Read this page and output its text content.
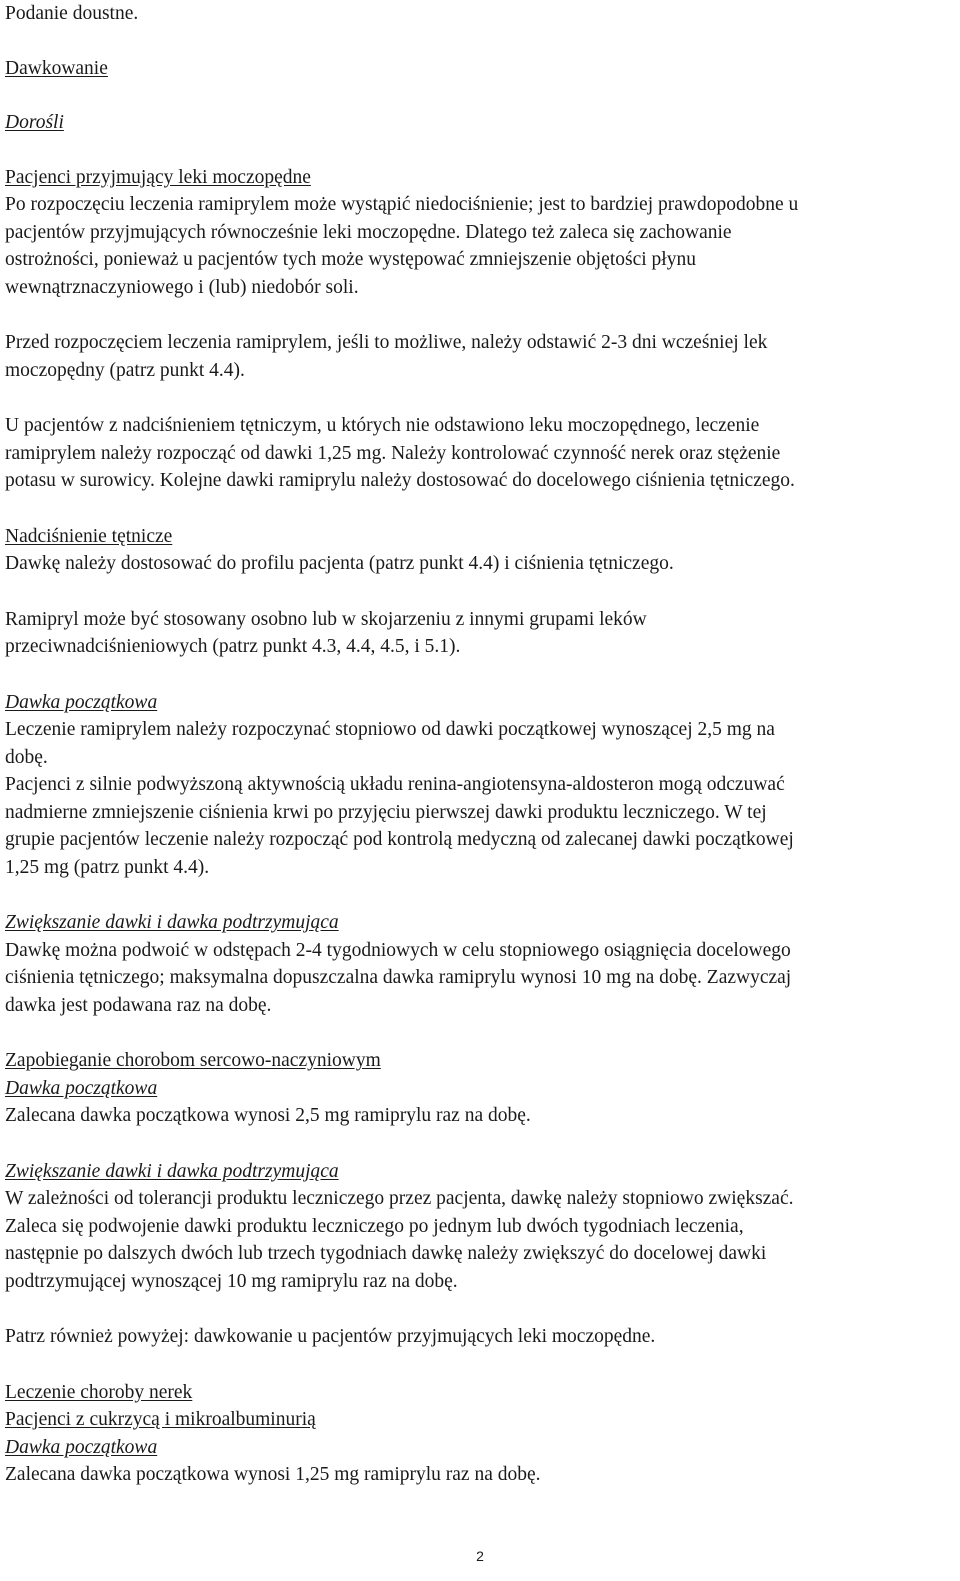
Podanie doustne.

Dawkowanie

Dorośli

Pacjenci przyjmujący leki moczopędne

Po rozpoczęciu leczenia ramiprylem może wystąpić niedociśnienie; jest to bardziej prawdopodobne u

pacjentów przyjmujących równocześnie leki moczopędne. Dlatego też zaleca się zachowanie

ostrożności, ponieważ u pacjentów tych może występować zmniejszenie objętości płynu

wewnątrznaczyniowego i (lub) niedobór soli.

Przed rozpoczęciem leczenia ramiprylem, jeśli to możliwe, należy odstawić 2-3 dni wcześniej lek

moczopędny (patrz punkt 4.4).

U pacjentów z nadciśnieniem tętniczym, u których nie odstawiono leku moczopędnego, leczenie

ramiprylem należy rozpocząć od dawki 1,25 mg. Należy kontrolować czynność nerek oraz stężenie

potasu w surowicy. Kolejne dawki ramiprylu należy dostosować do docelowego ciśnienia tętniczego.

Nadciśnienie tętnicze

Dawkę należy dostosować do profilu pacjenta (patrz punkt 4.4) i ciśnienia tętniczego.

Ramipryl może być stosowany osobno lub w skojarzeniu z innymi grupami leków

przeciwnadciśnieniowych (patrz punkt 4.3, 4.4, 4.5, i 5.1).

Dawka początkowa

Leczenie ramiprylem należy rozpoczynać stopniowo od dawki początkowej wynoszącej 2,5 mg na

dobę.

Pacjenci z silnie podwyższoną aktywnością układu renina-angiotensyna-aldosteron mogą odczuwać

nadmierne zmniejszenie ciśnienia krwi po przyjęciu pierwszej dawki produktu leczniczego. W tej

grupie pacjentów leczenie należy rozpocząć pod kontrolą medyczną od zalecanej dawki początkowej

1,25 mg (patrz punkt 4.4).

Zwiększanie dawki i dawka podtrzymująca

Dawkę można podwoić w odstępach 2-4 tygodniowych w celu stopniowego osiągnięcia docelowego

ciśnienia tętniczego; maksymalna dopuszczalna dawka ramiprylu wynosi 10 mg na dobę. Zazwyczaj

dawka jest podawana raz na dobę.

Zapobieganie chorobom sercowo-naczyniowym

Dawka początkowa

Zalecana dawka początkowa wynosi 2,5 mg ramiprylu raz na dobę.

Zwiększanie dawki i dawka podtrzymująca

W zależności od tolerancji produktu leczniczego przez pacjenta, dawkę należy stopniowo zwiększać.

Zaleca się podwojenie dawki produktu leczniczego po jednym lub dwóch tygodniach leczenia,

następnie po dalszych dwóch lub trzech tygodniach dawkę należy zwiększyć do docelowej dawki

podtrzymującej wynoszącej 10 mg ramiprylu raz na dobę.

Patrz również powyżej: dawkowanie u pacjentów przyjmujących leki moczopędne.

Leczenie choroby nerek

Pacjenci z cukrzycą i mikroalbuminurią

Dawka początkowa

Zalecana dawka początkowa wynosi 1,25 mg ramiprylu raz na dobę.

2
